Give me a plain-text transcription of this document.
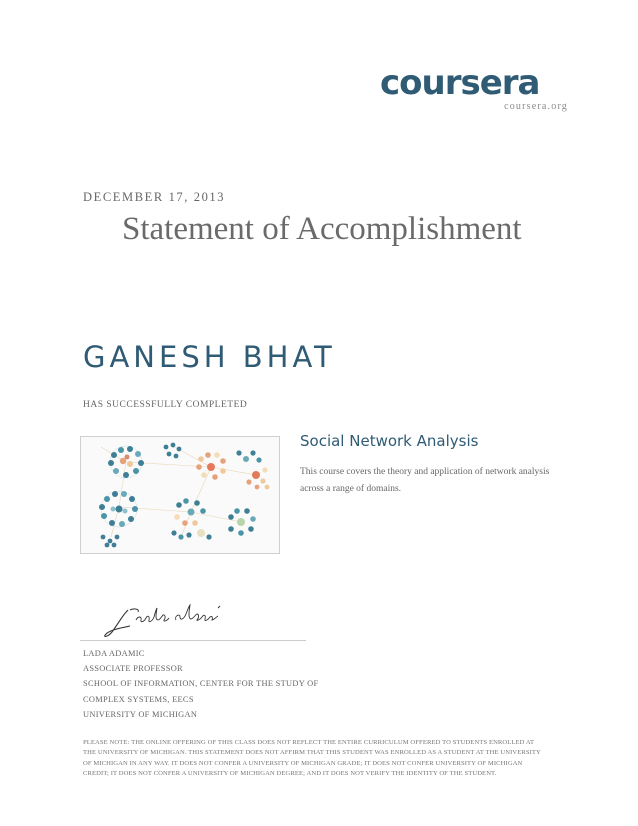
coursera
coursera.org
DECEMBER 17, 2013
Statement of Accomplishment
GANESH BHAT
HAS SUCCESSFULLY COMPLETED
Social Network Analysis
This course covers the theory and application of network analysis
across a range of domains.
LADA ADAMIC
ASSOCIATE PROFESSOR
SCHOOL OF INFORMATION, CENTER FOR THE STUDY OF
COMPLEX SYSTEMS, EECS
UNIVERSITY OF MICHIGAN
PLEASE NOTE: THE ONLINE OFFERING OF THIS CLASS DOES NOT REFLECT THE ENTIRE CURRICULUM OFFERED TO STUDENTS ENROLLED AT
THE UNIVERSITY OF MICHIGAN. THIS STATEMENT DOES NOT AFFIRM THAT THIS STUDENT WAS ENROLLED AS A STUDENT AT THE UNIVERSITY
OF MICHIGAN IN ANY WAY. IT DOES NOT CONFER A UNIVERSITY OF MICHIGAN GRADE; IT DOES NOT CONFER UNIVERSITY OF MICHIGAN
CREDIT; IT DOES NOT CONFER A UNIVERSITY OF MICHIGAN DEGREE; AND IT DOES NOT VERIFY THE IDENTITY OF THE STUDENT.
